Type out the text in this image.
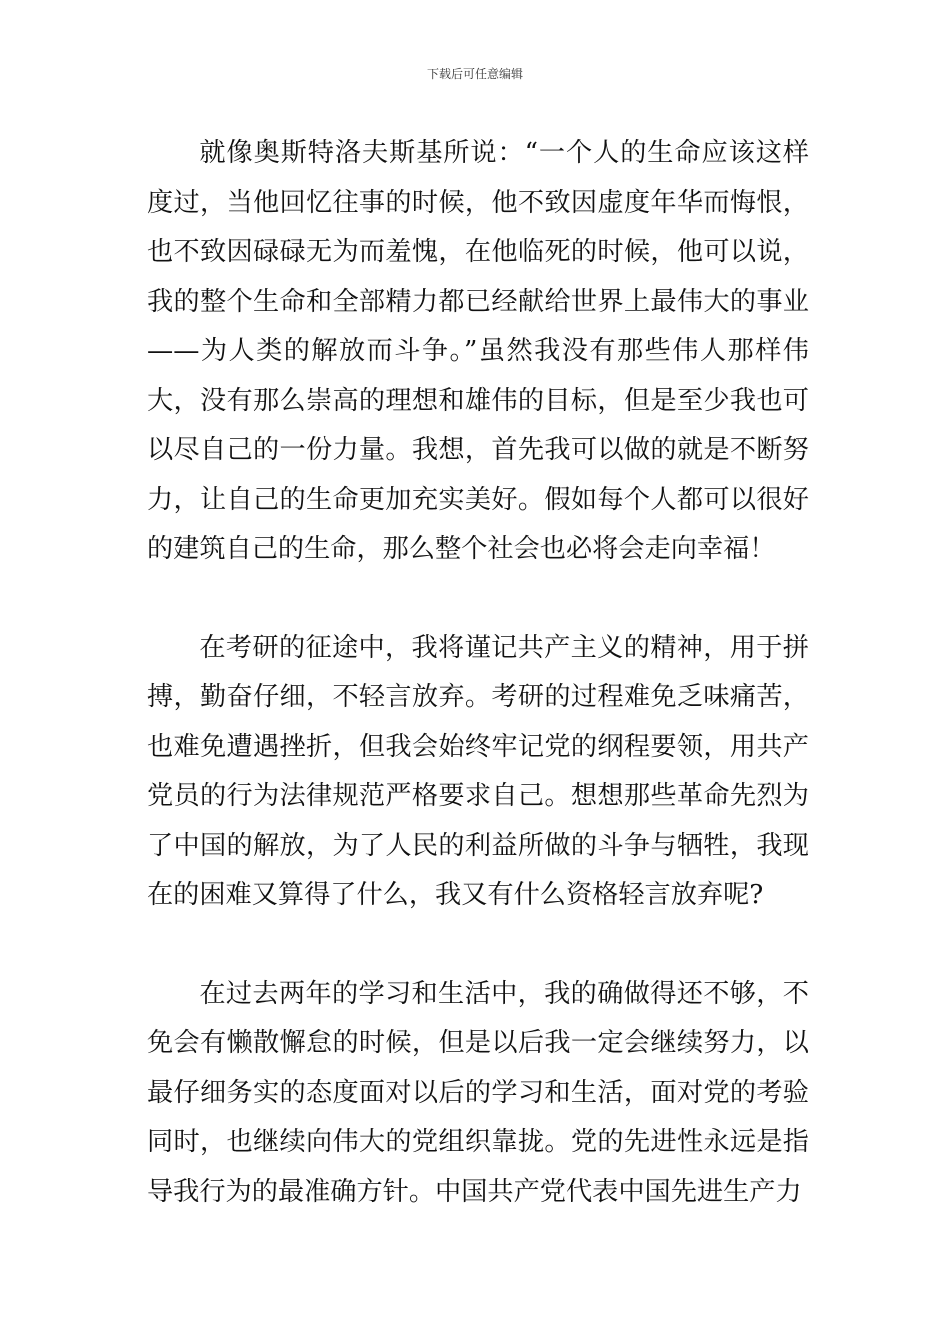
下载后可任意编辑

就像奥斯特洛夫斯基所说：“一个人的生命应该这样度过，当他回忆往事的时候，他不致因虚度年华而悔恨，也不致因碌碌无为而羞愧，在他临死的时候，他可以说，我的整个生命和全部精力都已经献给世界上最伟大的事业——为人类的解放而斗争。”虽然我没有那些伟人那样伟大，没有那么崇高的理想和雄伟的目标，但是至少我也可以尽自己的一份力量。我想，首先我可以做的就是不断努力，让自己的生命更加充实美好。假如每个人都可以很好的建筑自己的生命，那么整个社会也必将会走向幸福！

在考研的征途中，我将谨记共产主义的精神，用于拼搏，勤奋仔细，不轻言放弃。考研的过程难免乏味痛苦，也难免遭遇挫折，但我会始终牢记党的纲程要领，用共产党员的行为法律规范严格要求自己。想想那些革命先烈为了中国的解放，为了人民的利益所做的斗争与牺牲，我现在的困难又算得了什么，我又有什么资格轻言放弃呢?

在过去两年的学习和生活中，我的确做得还不够，不免会有懒散懈怠的时候，但是以后我一定会继续努力，以最仔细务实的态度面对以后的学习和生活，面对党的考验同时，也继续向伟大的党组织靠拢。党的先进性永远是指导我行为的最准确方针。中国共产党代表中国先进生产力
